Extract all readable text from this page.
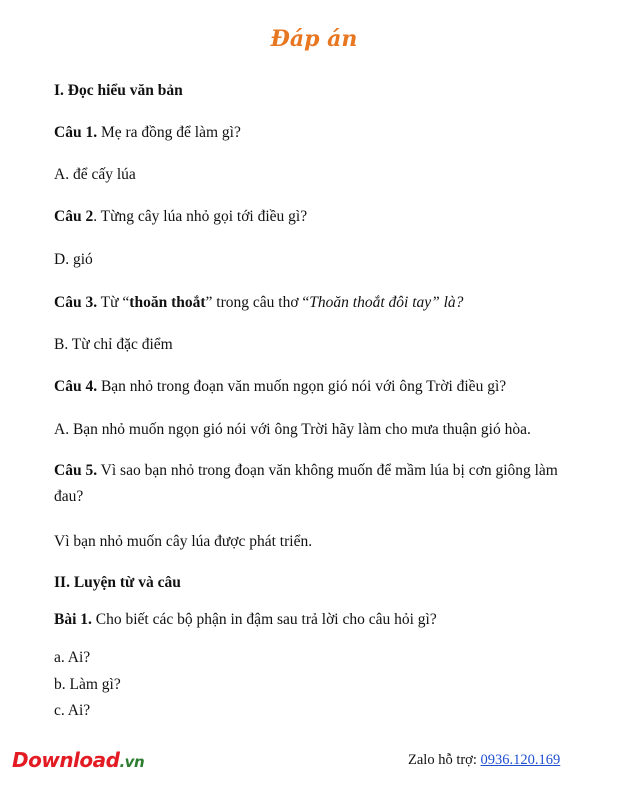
Đáp án
I. Đọc hiểu văn bản
Câu 1. Mẹ ra đồng để làm gì?
A. để cấy lúa
Câu 2. Từng cây lúa nhỏ gọi tới điều gì?
D. gió
Câu 3. Từ “thoăn thoắt” trong câu thơ “Thoăn thoắt đôi tay” là?
B. Từ chỉ đặc điểm
Câu 4. Bạn nhỏ trong đoạn văn muốn ngọn gió nói với ông Trời điều gì?
A. Bạn nhỏ muốn ngọn gió nói với ông Trời hãy làm cho mưa thuận gió hòa.
Câu 5. Vì sao bạn nhỏ trong đoạn văn không muốn để mầm lúa bị cơn giông làm đau?
Vì bạn nhỏ muốn cây lúa được phát triển.
II. Luyện từ và câu
Bài 1. Cho biết các bộ phận in đậm sau trả lời cho câu hỏi gì?
a. Ai?
b. Làm gì?
c. Ai?
Download.vn	Zalo hỗ trợ: 0936.120.169
